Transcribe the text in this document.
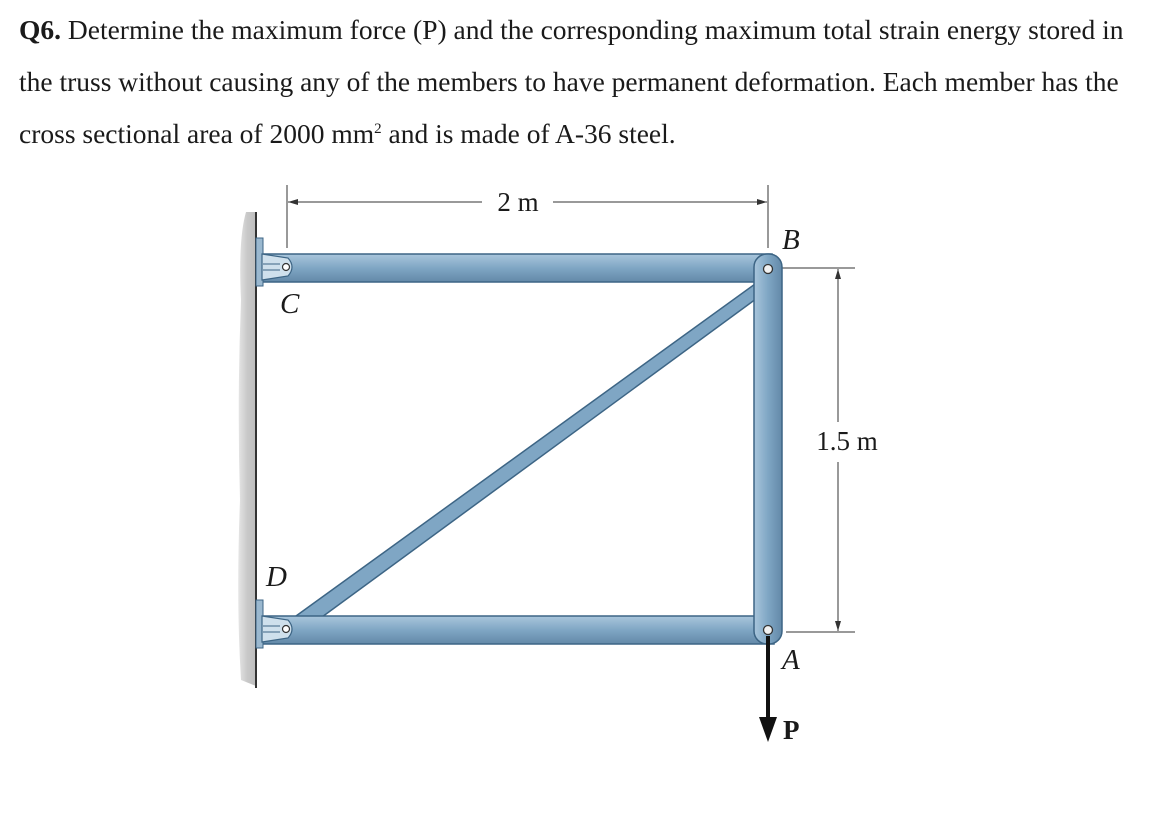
Q6. Determine the maximum force (P) and the corresponding maximum total strain energy stored in the truss without causing any of the members to have permanent deformation. Each member has the cross sectional area of 2000 $mm^2$ and is made of A-36 steel.

2 m
1.5 m
B
C
D
A
P
